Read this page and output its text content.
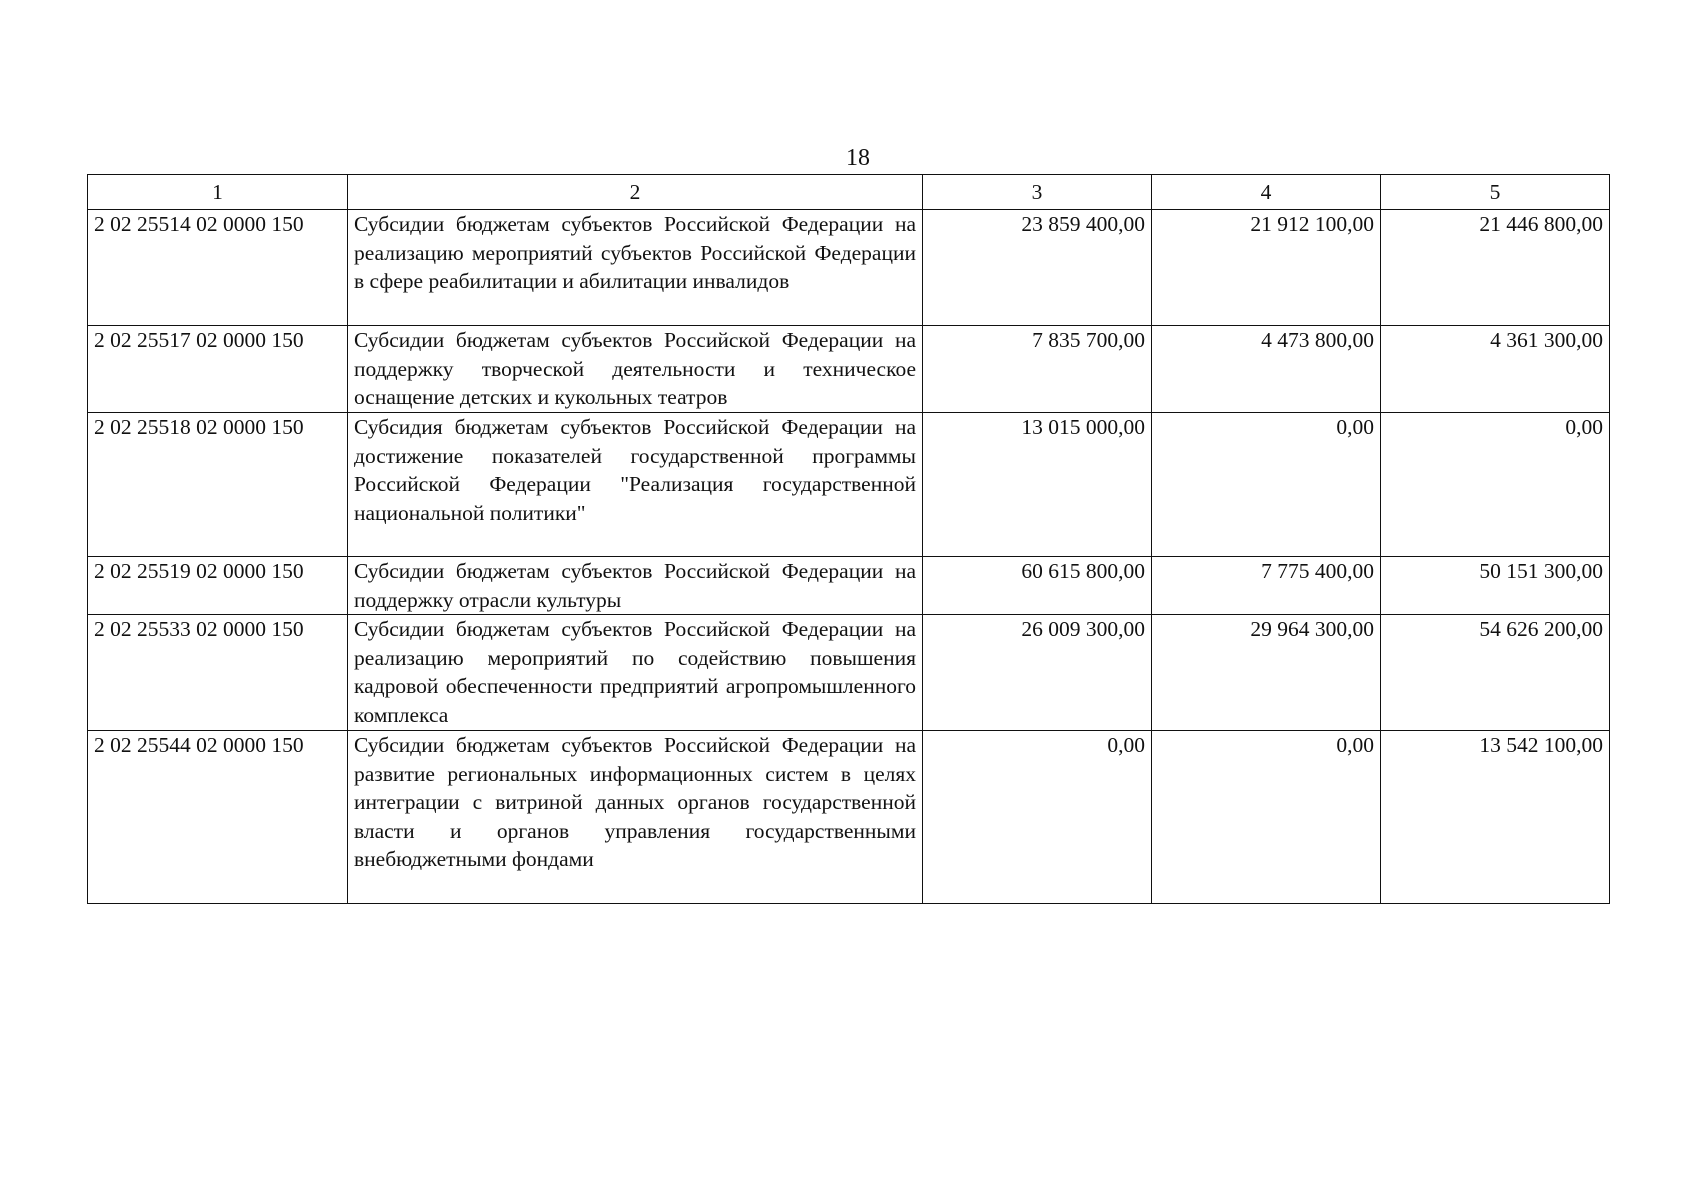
18
1	2	3	4	5
2 02 25514 02 0000 150	Субсидии бюджетам субъектов Российской Федерации на реализацию мероприятий субъектов Российской Федерации в сфере реабилитации и абилитации инвалидов	23 859 400,00	21 912 100,00	21 446 800,00
2 02 25517 02 0000 150	Субсидии бюджетам субъектов Российской Федерации на поддержку творческой деятельности и техническое оснащение детских и кукольных театров	7 835 700,00	4 473 800,00	4 361 300,00
2 02 25518 02 0000 150	Субсидия бюджетам субъектов Российской Федерации на достижение показателей государственной программы Российской Федерации "Реализация государственной национальной политики"	13 015 000,00	0,00	0,00
2 02 25519 02 0000 150	Субсидии бюджетам субъектов Российской Федерации на поддержку отрасли культуры	60 615 800,00	7 775 400,00	50 151 300,00
2 02 25533 02 0000 150	Субсидии бюджетам субъектов Российской Федерации на реализацию мероприятий по содействию повышения кадровой обеспеченности предприятий агропромышленного комплекса	26 009 300,00	29 964 300,00	54 626 200,00
2 02 25544 02 0000 150	Субсидии бюджетам субъектов Российской Федерации на развитие региональных информационных систем в целях интеграции с витриной данных органов государственной власти и органов управления государственными внебюджетными фондами	0,00	0,00	13 542 100,00
